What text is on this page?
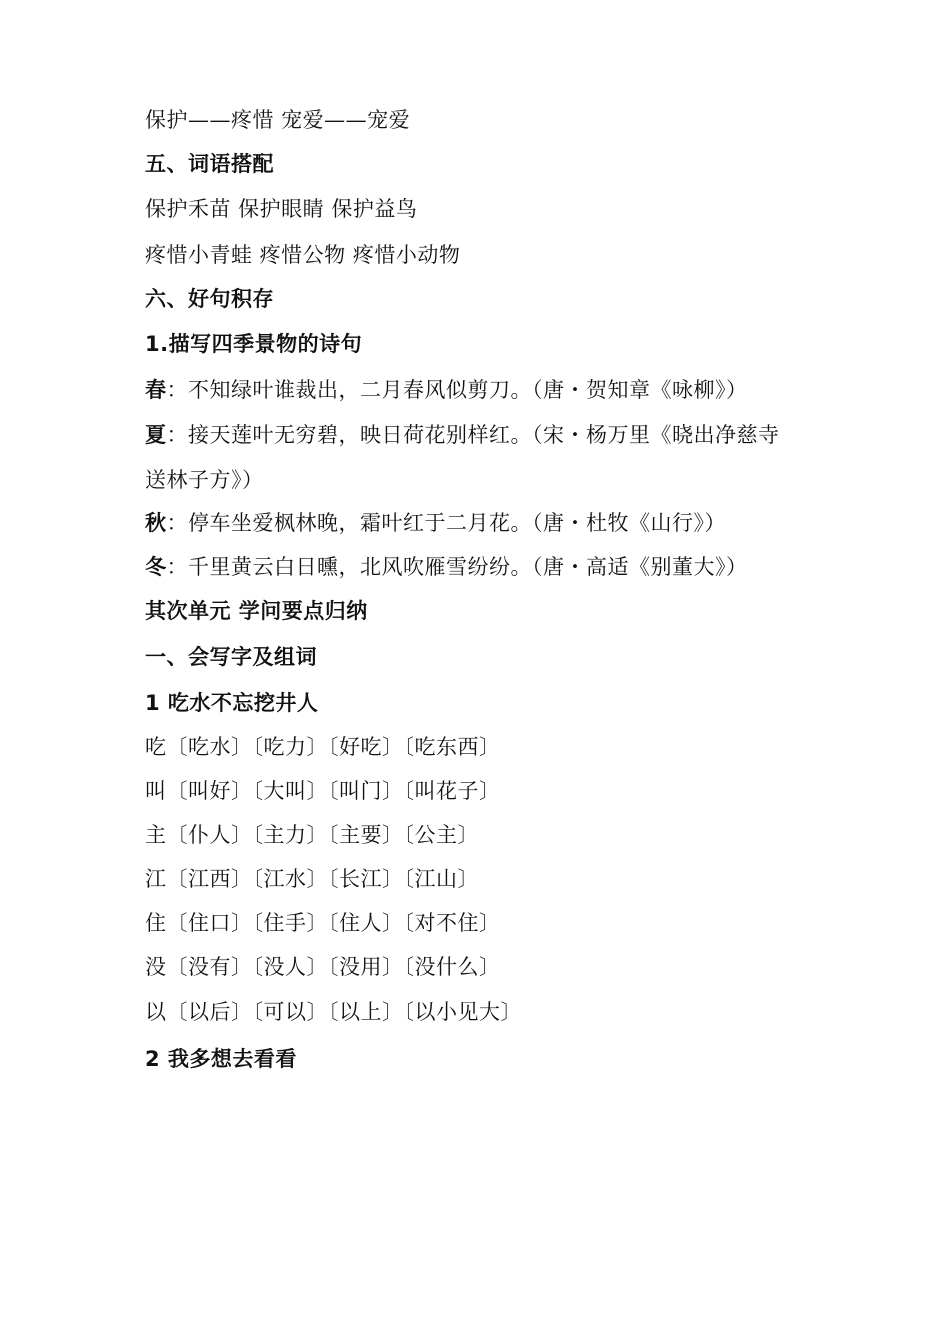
保护——疼惜 宠爱——宠爱
五、词语搭配
保护禾苗 保护眼睛 保护益鸟
疼惜小青蛙 疼惜公物 疼惜小动物
六、好句积存
1.描写四季景物的诗句
春：不知绿叶谁裁出，二月春风似剪刀。（唐・贺知章《咏柳》）
夏：接天莲叶无穷碧，映日荷花别样红。（宋・杨万里《晓出净慈寺
送林子方》）
秋：停车坐爱枫林晚，霜叶红于二月花。（唐・杜牧《山行》）
冬：千里黄云白日曛，北风吹雁雪纷纷。（唐・高适《别董大》）
其次单元 学问要点归纳
一、会写字及组词
1 吃水不忘挖井人
吃〔吃水〕〔吃力〕〔好吃〕〔吃东西〕
叫〔叫好〕〔大叫〕〔叫门〕〔叫花子〕
主〔仆人〕〔主力〕〔主要〕〔公主〕
江〔江西〕〔江水〕〔长江〕〔江山〕
住〔住口〕〔住手〕〔住人〕〔对不住〕
没〔没有〕〔没人〕〔没用〕〔没什么〕
以〔以后〕〔可以〕〔以上〕〔以小见大〕
2 我多想去看看
